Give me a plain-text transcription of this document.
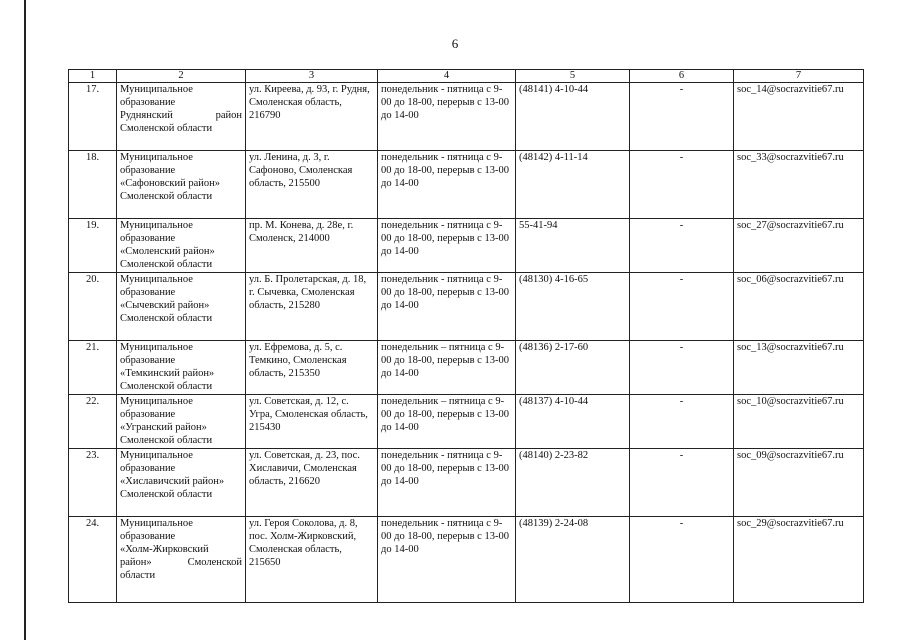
6
1	2	3	4	5	6	7
17.	Муниципальное
образование
Руднянский район
Смоленской области	ул. Киреева, д. 93, г. Рудня, Смоленская область, 216790	понедельник - пятница с 9-00 до 18-00, перерыв с 13-00 до 14-00	(48141) 4-10-44	-	soc_14@socrazvitie67.ru
18.	Муниципальное
образование
«Сафоновский район»
Смоленской области	ул. Ленина, д. 3, г. Сафоново, Смоленская область, 215500	понедельник - пятница с 9-00 до 18-00, перерыв с 13-00 до 14-00	(48142) 4-11-14	-	soc_33@socrazvitie67.ru
19.	Муниципальное
образование
«Смоленский район»
Смоленской области	пр. М. Конева, д. 28е, г. Смоленск, 214000	понедельник - пятница с 9-00 до 18-00, перерыв с 13-00 до 14-00	55-41-94	-	soc_27@socrazvitie67.ru
20.	Муниципальное
образование
«Сычевский район»
Смоленской области	ул. Б. Пролетарская, д. 18, г. Сычевка, Смоленская область, 215280	понедельник - пятница с 9-00 до 18-00, перерыв с 13-00 до 14-00	(48130) 4-16-65	-	soc_06@socrazvitie67.ru
21.	Муниципальное
образование
«Темкинский район»
Смоленской области	ул. Ефремова, д. 5, с. Темкино, Смоленская область, 215350	понедельник – пятница с 9-00 до 18-00, перерыв с 13-00 до 14-00	(48136) 2-17-60	-	soc_13@socrazvitie67.ru
22.	Муниципальное
образование
«Угранский район»
Смоленской области	ул. Советская, д. 12, с. Угра, Смоленская область, 215430	понедельник – пятница с 9-00 до 18-00, перерыв с 13-00 до 14-00	(48137) 4-10-44	-	soc_10@socrazvitie67.ru
23.	Муниципальное
образование
«Хиславичский район»
Смоленской области	ул. Советская, д. 23, пос. Хиславичи, Смоленская область, 216620	понедельник - пятница с 9-00 до 18-00, перерыв с 13-00 до 14-00	(48140) 2-23-82	-	soc_09@socrazvitie67.ru
24.	Муниципальное
образование
«Холм-Жирковский
район» Смоленской
области	ул. Героя Соколова, д. 8, пос. Холм-Жирковский, Смоленская область, 215650	понедельник - пятница с 9-00 до 18-00, перерыв с 13-00 до 14-00	(48139) 2-24-08	-	soc_29@socrazvitie67.ru
